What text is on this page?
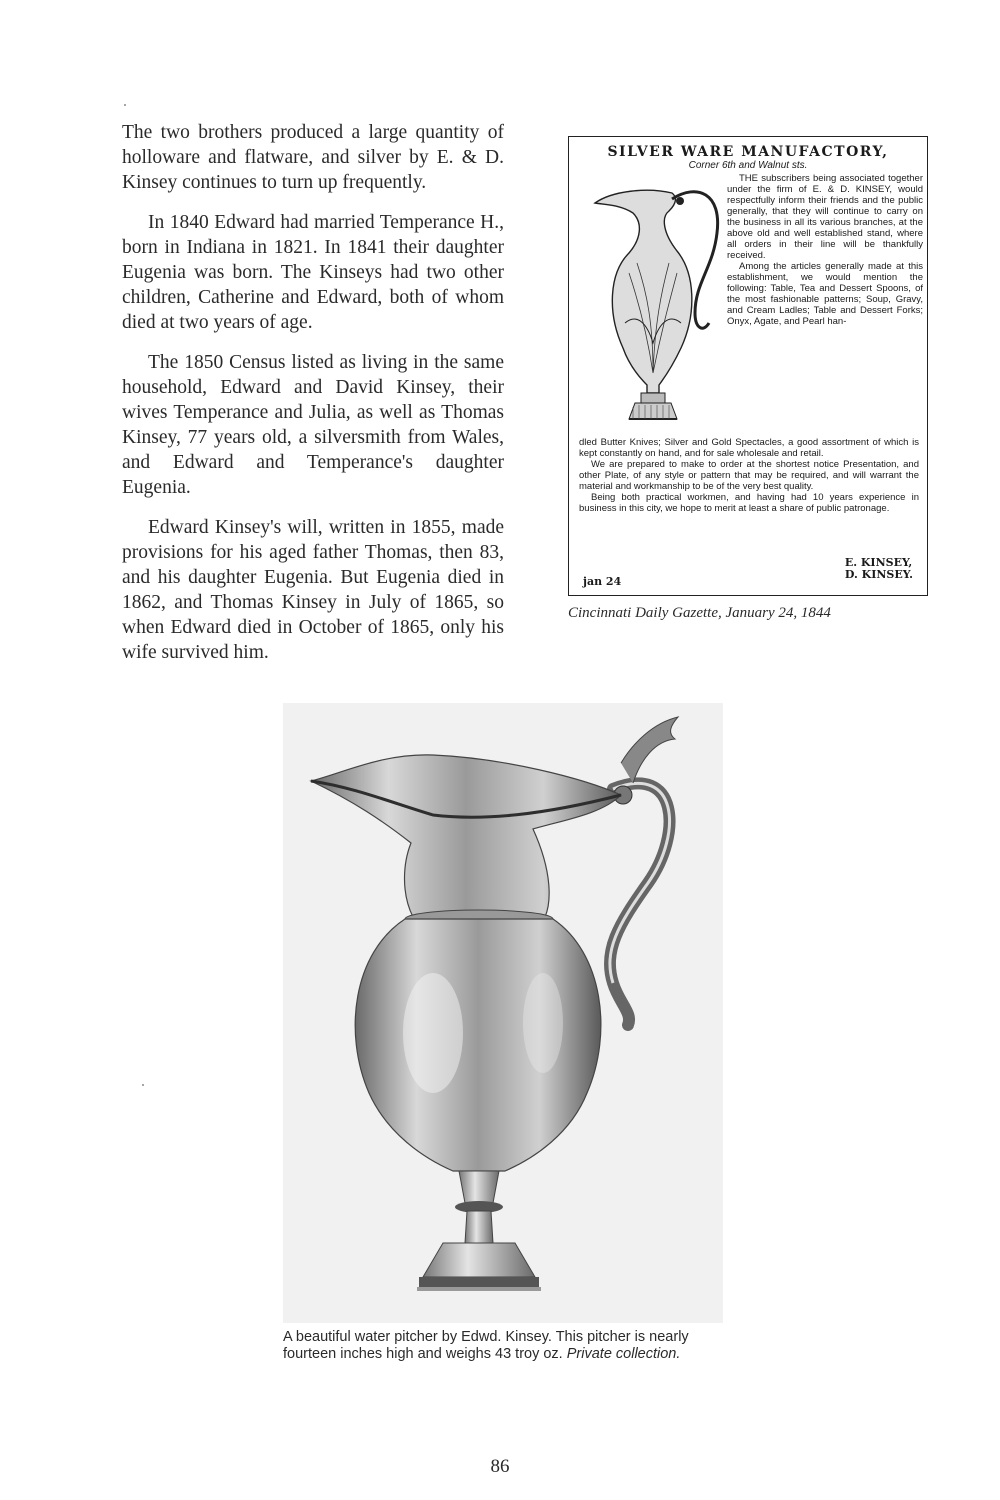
The two brothers produced a large quantity of holloware and flatware, and silver by E. & D. Kinsey continues to turn up frequently.

In 1840 Edward had married Temperance H., born in Indiana in 1821. In 1841 their daughter Eugenia was born. The Kinseys had two other children, Catherine and Edward, both of whom died at two years of age.

The 1850 Census listed as living in the same household, Edward and David Kinsey, their wives Temperance and Julia, as well as Thomas Kinsey, 77 years old, a silversmith from Wales, and Edward and Temperance's daughter Eugenia.

Edward Kinsey's will, written in 1855, made provisions for his aged father Thomas, then 83, and his daughter Eugenia. But Eugenia died in 1862, and Thomas Kinsey in July of 1865, so when Edward died in October of 1865, only his wife survived him.

SILVER WARE MANUFACTORY,
Corner 6th and Walnut sts.

THE subscribers being associated together under the firm of E. & D. KINSEY, would respectfully inform their friends and the public generally, that they will continue to carry on the business in all its various branches, at the above old and well established stand, where all orders in their line will be thankfully received.

Among the articles generally made at this establishment, we would mention the following: Table, Tea and Dessert Spoons, of the most fashionable patterns; Soup, Gravy, and Cream Ladles; Table and Dessert Forks; Onyx, Agate, and Pearl han-

dled Butter Knives; Silver and Gold Spectacles, a good assortment of which is kept constantly on hand, and for sale wholesale and retail.

We are prepared to make to order at the shortest notice Presentation, and other Plate, of any style or pattern that may be required, and will warrant the material and workmanship to be of the very best quality.

Being both practical workmen, and having had 10 years experience in business in this city, we hope to merit at least a share of public patronage.

E. KINSEY,
D. KINSEY.
jan 24
Cincinnati Daily Gazette, January 24, 1844
A beautiful water pitcher by Edwd. Kinsey. This pitcher is nearly fourteen inches high and weighs 43 troy oz. Private collection.
86
